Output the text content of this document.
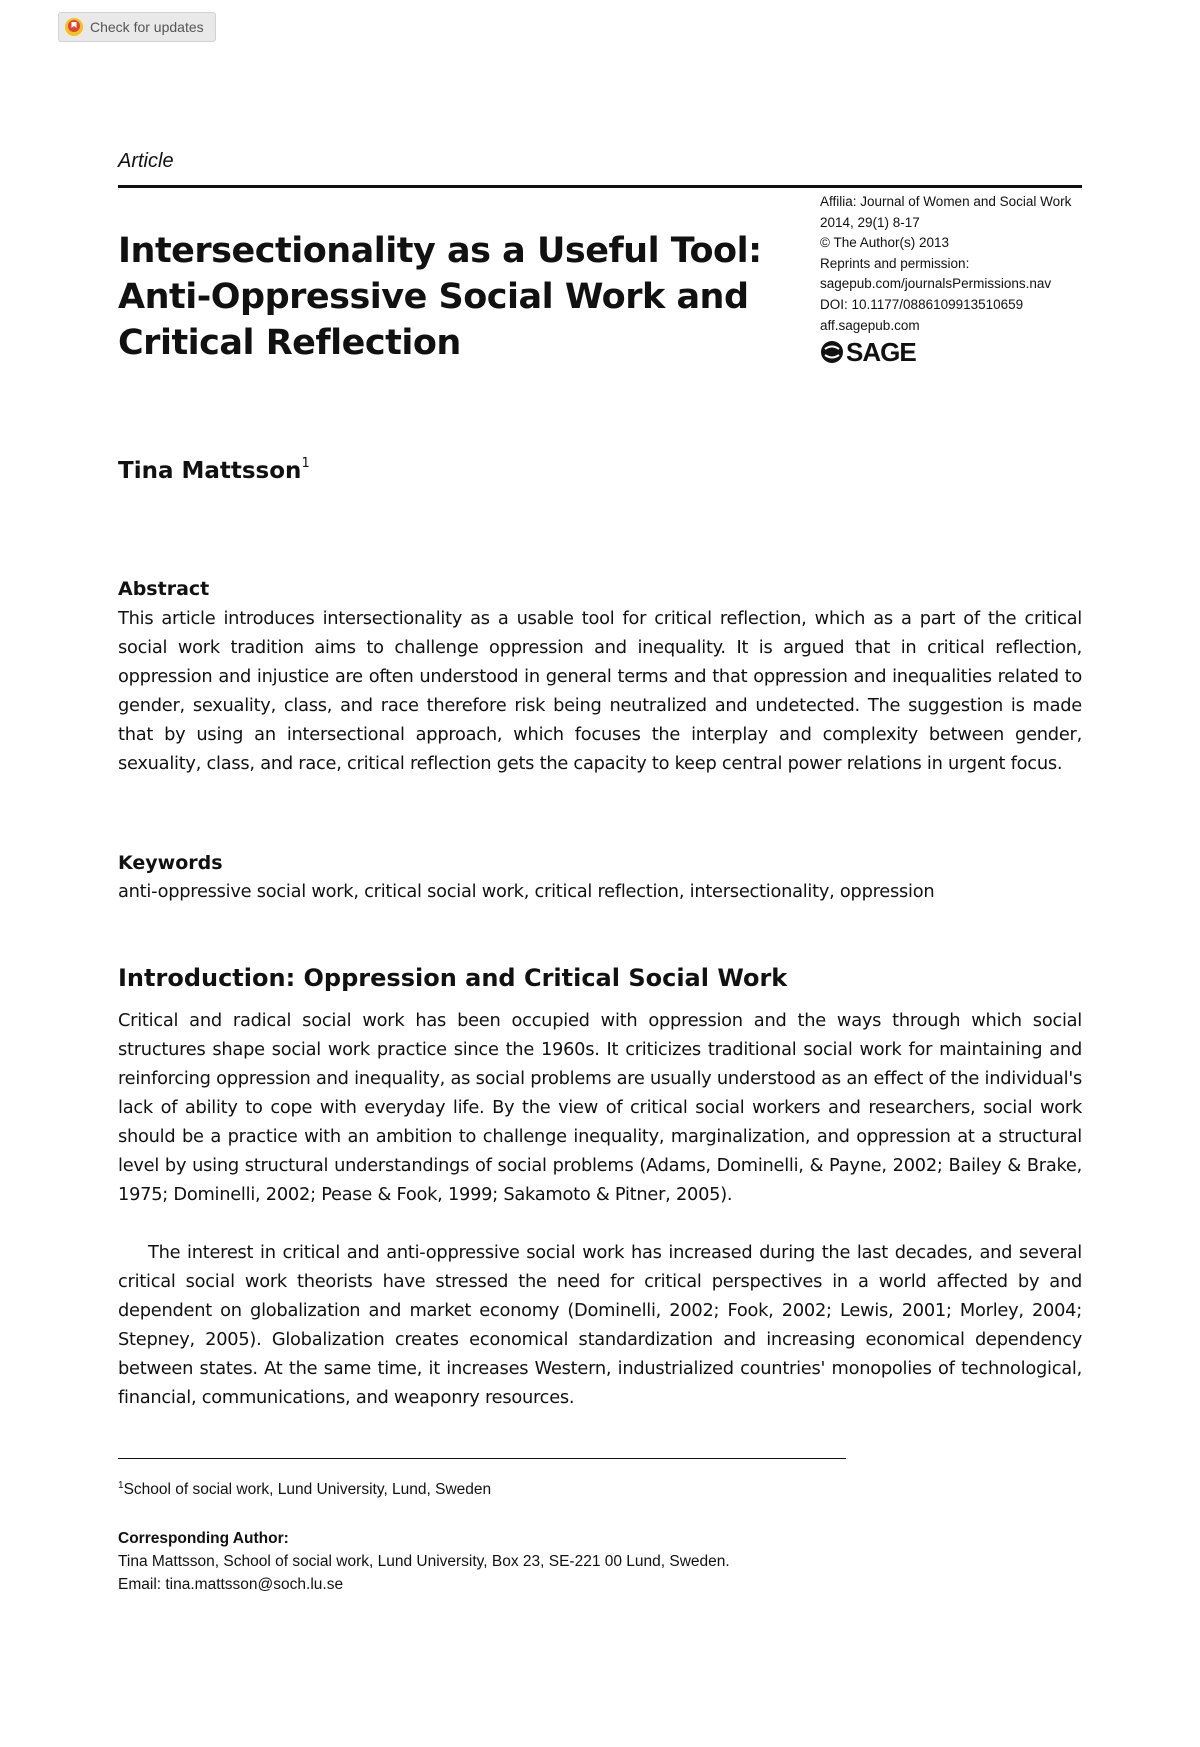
Check for updates
Article
Intersectionality as a Useful Tool: Anti-Oppressive Social Work and Critical Reflection
Affilia: Journal of Women and Social Work
2014, 29(1) 8-17
© The Author(s) 2013
Reprints and permission:
sagepub.com/journalsPermissions.nav
DOI: 10.1177/0886109913510659
aff.sagepub.com
SAGE
Tina Mattsson$^1$
Abstract

This article introduces intersectionality as a usable tool for critical reflection, which as a part of the critical social work tradition aims to challenge oppression and inequality. It is argued that in critical reflection, oppression and injustice are often understood in general terms and that oppression and inequalities related to gender, sexuality, class, and race therefore risk being neutralized and undetected. The suggestion is made that by using an intersectional approach, which focuses the interplay and complexity between gender, sexuality, class, and race, critical reflection gets the capacity to keep central power relations in urgent focus.

Keywords
anti-oppressive social work, critical social work, critical reflection, intersectionality, oppression
Introduction: Oppression and Critical Social Work

Critical and radical social work has been occupied with oppression and the ways through which social structures shape social work practice since the 1960s. It criticizes traditional social work for maintaining and reinforcing oppression and inequality, as social problems are usually understood as an effect of the individual's lack of ability to cope with everyday life. By the view of critical social workers and researchers, social work should be a practice with an ambition to challenge inequality, marginalization, and oppression at a structural level by using structural understandings of social problems (Adams, Dominelli, & Payne, 2002; Bailey & Brake, 1975; Dominelli, 2002; Pease & Fook, 1999; Sakamoto & Pitner, 2005).

The interest in critical and anti-oppressive social work has increased during the last decades, and several critical social work theorists have stressed the need for critical perspectives in a world affected by and dependent on globalization and market economy (Dominelli, 2002; Fook, 2002; Lewis, 2001; Morley, 2004; Stepney, 2005). Globalization creates economical standardization and increasing economical dependency between states. At the same time, it increases Western, industrialized countries' monopolies of technological, financial, communications, and weaponry resources.

$^1$School of social work, Lund University, Lund, Sweden
Corresponding Author:
Tina Mattsson, School of social work, Lund University, Box 23, SE-221 00 Lund, Sweden.
Email: tina.mattsson@soch.lu.se
